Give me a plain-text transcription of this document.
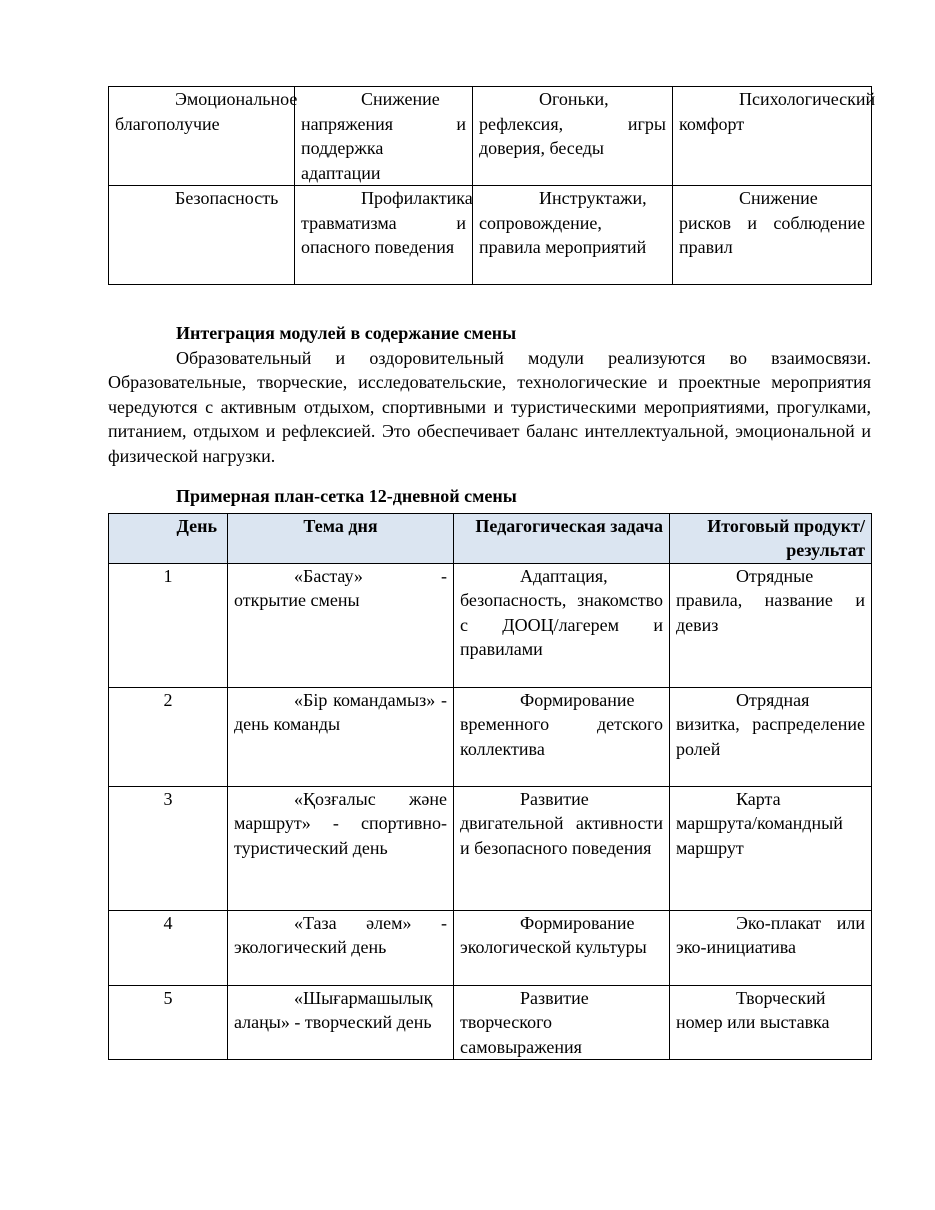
Эмоциональное благополучие	Снижение напряжения и поддержка адаптации	Огоньки, рефлексия, игры доверия, беседы	Психологический комфорт
Безопасность	Профилактика травматизма и опасного поведения	Инструктажи, сопровождение, правила мероприятий	Снижение рисков и соблюдение правил

Интеграция модулей в содержание смены

Образовательный и оздоровительный модули реализуются во взаимосвязи. Образовательные, творческие, исследовательские, технологические и проектные мероприятия чередуются с активным отдыхом, спортивными и туристическими мероприятиями, прогулками, питанием, отдыхом и рефлексией. Это обеспечивает баланс интеллектуальной, эмоциональной и физической нагрузки.

Примерная план-сетка 12-дневной смены

День	Тема дня	Педагогическая задача	Итоговый продукт/результат
1	«Бастау» - открытие смены	Адаптация, безопасность, знакомство с ДООЦ/лагерем и правилами	Отрядные правила, название и девиз
2	«Бір командамыз» - день команды	Формирование временного детского коллектива	Отрядная визитка, распределение ролей
3	«Қозғалыс және маршрут» - спортивно-туристический день	Развитие двигательной активности и безопасного поведения	Карта маршрута/командный маршрут
4	«Таза әлем» - экологический день	Формирование экологической культуры	Эко-плакат или эко-инициатива
5	«Шығармашылық алаңы» - творческий день	Развитие творческого самовыражения	Творческий номер или выставка
